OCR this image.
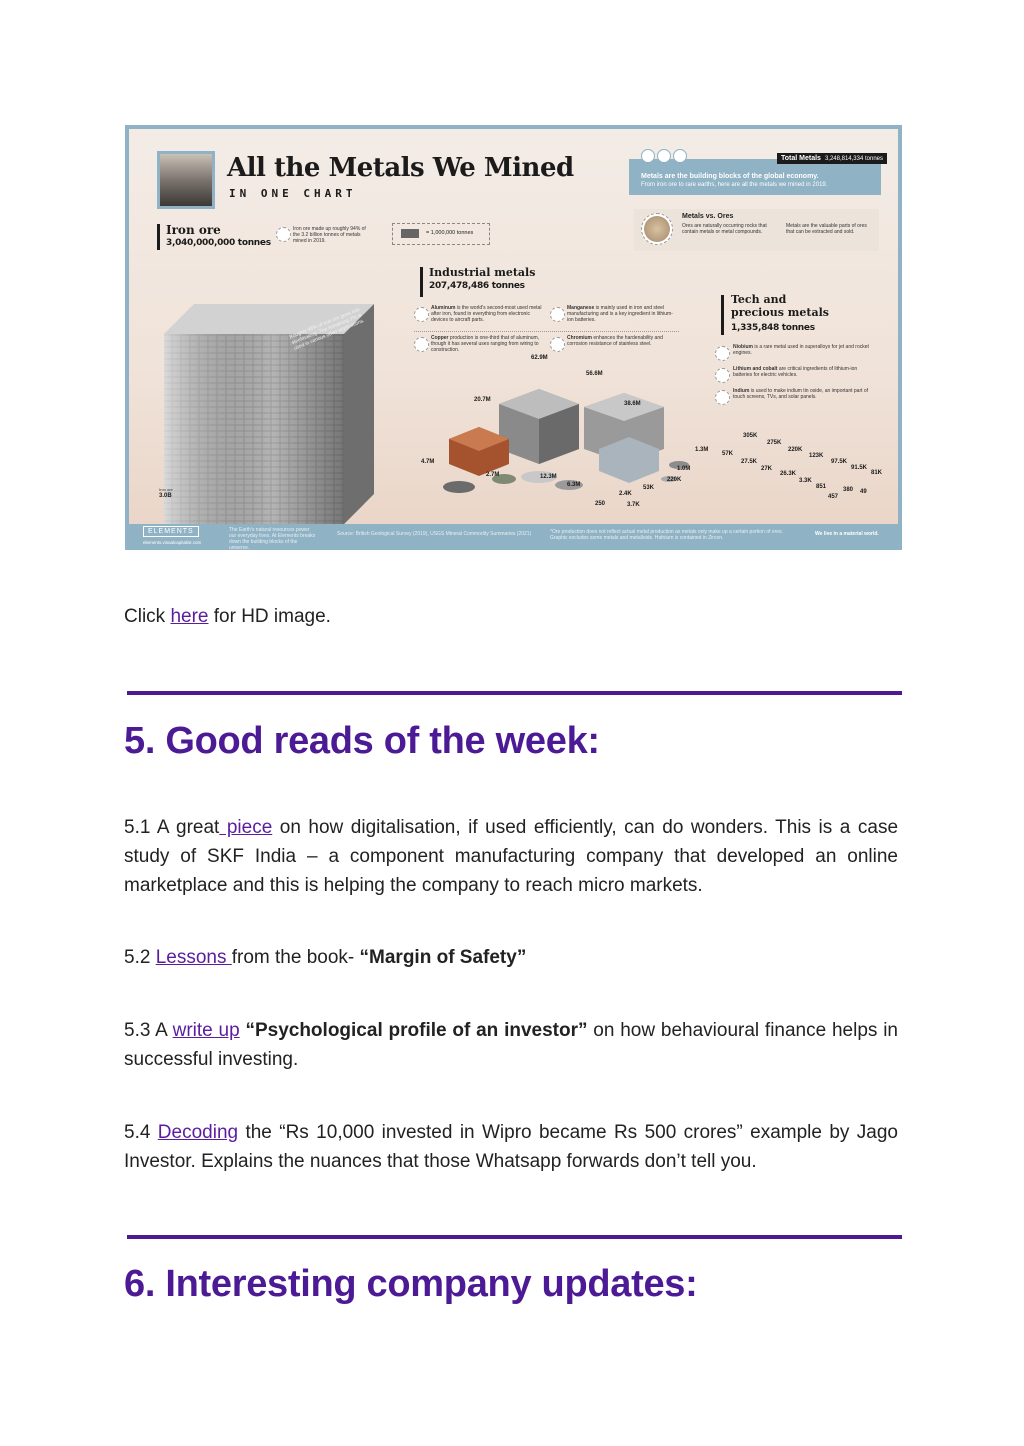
All the Metals We Mined
IN ONE CHART
Total Metals 3,248,814,334 tonnes
Metals are the building blocks of the global economy.
From iron ore to rare earths, here are all the metals we mined in 2019.
Metals vs. Ores
Ores are naturally occurring rocks that contain metals or metal compounds.
Metals are the valuable parts of ores that can be extracted and sold.
= 1,000,000 tonnes
Iron ore
3,040,000,000 tonnes
Iron ore made up roughly 94% of the 3.2 billion tonnes of metals mined in 2019.
Roughly 98% of iron ore goes into steelmaking. The remaining 2% is used in various other applications.
Iron ore
3.0B
Industrial metals
207,478,486 tonnes
Aluminum is the world's second-most used metal after iron, found in everything from electronic devices to aircraft parts.
Copper production is one-third that of aluminum, though it has several uses ranging from wiring to construction.
Manganese is mainly used in iron and steel manufacturing and is a key ingredient in lithium-ion batteries.
Chromium enhances the hardenability and corrosion resistance of stainless steel.
62.9M
56.6M
20.7M
38.6M
4.7M
2.7M	12.3M
6.3M
1.3M
1.0M
220K
53K
3.7K
2.4K
250
Tech and
precious metals
1,335,848 tonnes
Niobium is a rare metal used in superalloys for jet and rocket engines.
Lithium and cobalt are critical ingredients of lithium-ion batteries for electric vehicles.
Indium is used to make indium tin oxide, an important part of touch screens, TVs, and solar panels.
305K
275K
220K
123K
97.5K
91.5K
81K
57K
27.5K
27K
26.3K
3.3K
851
457
380 49
ELEMENTS
elements.visualcapitalist.com
The Earth's natural resources power our everyday lives. At Elements breaks down the building blocks of the universe.
Source: British Geological Survey (2019), USGS Mineral Commodity Summaries (2021)	*Ore production does not reflect actual metal production as metals only make up a certain portion of ores. Graphic excludes some metals and metalloids. Hafnium is contained in Zircon.
We live in a material world.
Click here for HD image.
5. Good reads of the week:
5.1 A great piece on how digitalisation, if used efficiently, can do wonders. This is a case study of SKF India – a component manufacturing company that developed an online marketplace and this is helping the company to reach micro markets.
5.2 Lessons from the book- “Margin of Safety”
5.3 A write up “Psychological profile of an investor” on how behavioural finance helps in successful investing.
5.4 Decoding the “Rs 10,000 invested in Wipro became Rs 500 crores” example by Jago Investor. Explains the nuances that those Whatsapp forwards don’t tell you.
6. Interesting company updates:
